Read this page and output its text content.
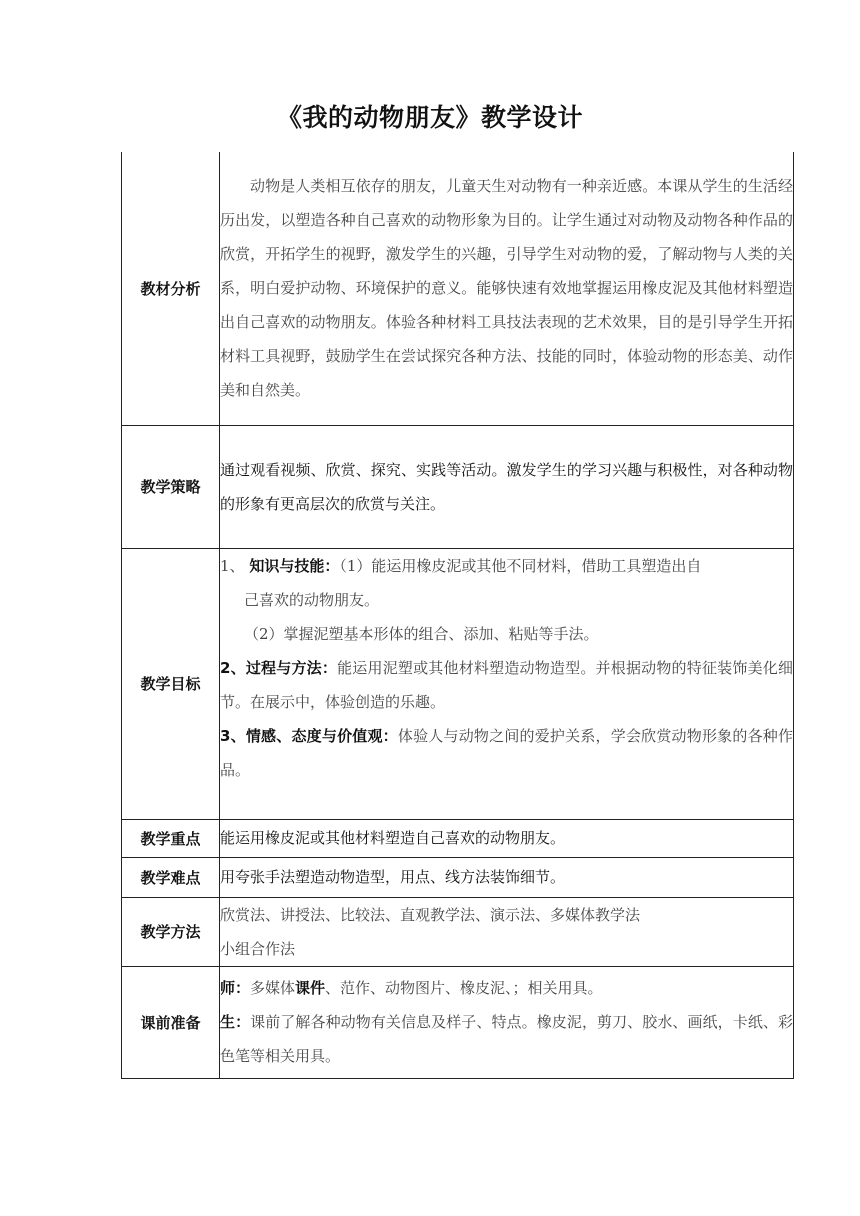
《我的动物朋友》教学设计
教材分析	动物是人类相互依存的朋友，儿童天生对动物有一种亲近感。本课从学生的生活经历出发，以塑造各种自己喜欢的动物形象为目的。让学生通过对动物及动物各种作品的欣赏，开拓学生的视野，激发学生的兴趣，引导学生对动物的爱，了解动物与人类的关系，明白爱护动物、环境保护的意义。能够快速有效地掌握运用橡皮泥及其他材料塑造出自己喜欢的动物朋友。体验各种材料工具技法表现的艺术效果，目的是引导学生开拓材料工具视野，鼓励学生在尝试探究各种方法、技能的同时，体验动物的形态美、动作美和自然美。

教学策略	通过观看视频、欣赏、探究、实践等活动。激发学生的学习兴趣与积极性，对各种动物的形象有更高层次的欣赏与关注。

教学目标	1、 知识与技能：（1）能运用橡皮泥或其他不同材料，借助工具塑造出自

己喜欢的动物朋友。

（2）掌握泥塑基本形体的组合、添加、粘贴等手法。

2、过程与方法：能运用泥塑或其他材料塑造动物造型。并根据动物的特征装饰美化细节。在展示中，体验创造的乐趣。

3、情感、态度与价值观：体验人与动物之间的爱护关系，学会欣赏动物形象的各种作品。

教学重点	能运用橡皮泥或其他材料塑造自己喜欢的动物朋友。

教学难点	用夸张手法塑造动物造型，用点、线方法装饰细节。

教学方法	欣赏法、讲授法、比较法、直观教学法、演示法、多媒体教学法

小组合作法

课前准备	师：多媒体课件、范作、动物图片、橡皮泥、；相关用具。

生：课前了解各种动物有关信息及样子、特点。橡皮泥，剪刀、胶水、画纸，卡纸、彩色笔等相关用具。
